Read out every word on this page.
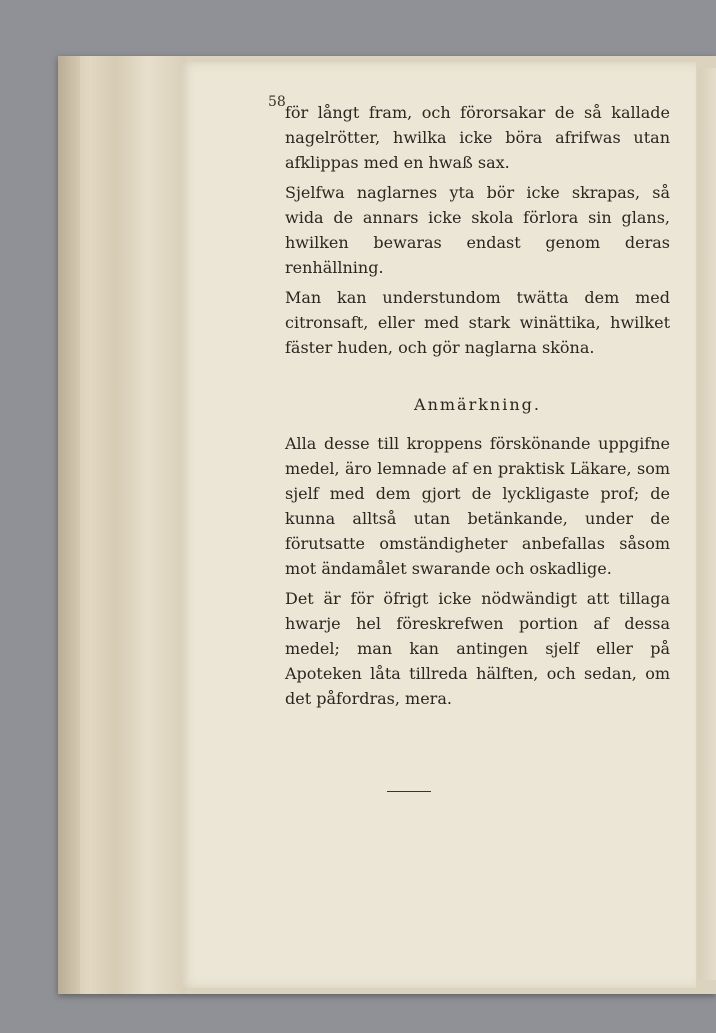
för långt fram, och förorsakar de så kallade nagelrötter, hwilka icke böra afrifwas utan afklippas med en hwaß sax.

Sjelfwa naglarnes yta bör icke skrapas, så wida de annars icke skola förlora sin glans, hwilken bewaras endast genom deras renhällning.

Man kan understundom twätta dem med citronsaft, eller med stark winättika, hwilket fäster huden, och gör naglarna sköna.

Anmärkning.

Alla desse till kroppens förskönande uppgifne medel, äro lemnade af en praktisk Läkare, som sjelf med dem gjort de lyckligaste prof; de kunna alltså utan betänkande, under de förutsatte omständigheter anbefallas såsom mot ändamålet swarande och oskadlige.

Det är för öfrigt icke nödwändigt att tillaga hwarje hel föreskrefwen portion af dessa medel; man kan antingen sjelf eller på Apoteken låta tillreda hälften, och sedan, om det påfordras, mera.

58
